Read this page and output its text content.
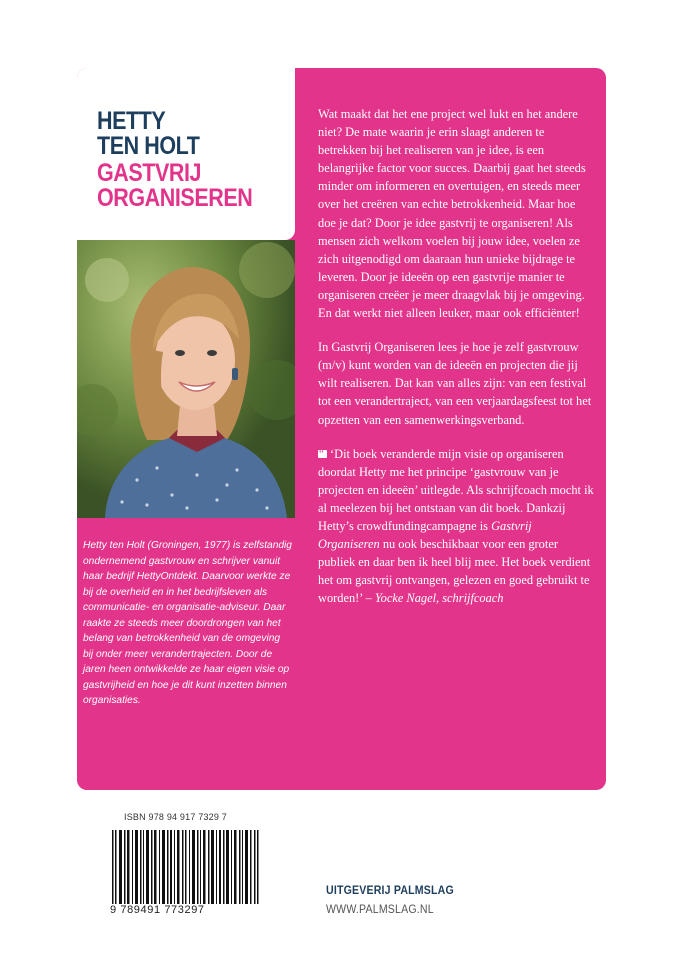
HETTY
TEN HOLT
GASTVRIJ
ORGANISEREN

Hetty ten Holt (Groningen, 1977) is zelfstandig ondernemend gastvrouw en schrijver vanuit haar bedrijf HettyOntdekt. Daarvoor werkte ze bij de overheid en in het bedrijfsleven als communicatie- en organisatie-adviseur. Daar raakte ze steeds meer doordrongen van het belang van betrokkenheid van de omgeving bij onder meer verandertrajecten. Door de jaren heen ontwikkelde ze haar eigen visie op gastvrijheid en hoe je dit kunt inzetten binnen organisaties.

Wat maakt dat het ene project wel lukt en het andere niet? De mate waarin je erin slaagt anderen te betrekken bij het realiseren van je idee, is een belangrijke factor voor succes. Daarbij gaat het steeds minder om informeren en overtuigen, en steeds meer over het creëren van echte betrokkenheid. Maar hoe doe je dat? Door je idee gastvrij te organiseren! Als mensen zich welkom voelen bij jouw idee, voelen ze zich uitgenodigd om daaraan hun unieke bijdrage te leveren. Door je ideeën op een gastvrije manier te organiseren creëer je meer draagvlak bij je omgeving. En dat werkt niet alleen leuker, maar ook efficiënter!

In Gastvrij Organiseren lees je hoe je zelf gastvrouw (m/v) kunt worden van de ideeën en projecten die jij wilt realiseren. Dat kan van alles zijn: van een festival tot een verandertraject, van een verjaardagsfeest tot het opzetten van een samenwerkingsverband.

“‘Dit boek veranderde mijn visie op organiseren doordat Hetty me het principe ‘gastvrouw van je projecten en ideeën’ uitlegde. Als schrijfcoach mocht ik al meelezen bij het ontstaan van dit boek. Dankzij Hetty’s crowdfundingcampagne is Gastvrij Organiseren nu ook beschikbaar voor een groter publiek en daar ben ik heel blij mee. Het boek verdient het om gastvrij ontvangen, gelezen en goed gebruikt te worden!’ – Yocke Nagel, schrijfcoach

ISBN 978 94 917 7329 7
9 789491 773297
UITGEVERIJ PALMSLAG
WWW.PALMSLAG.NL
